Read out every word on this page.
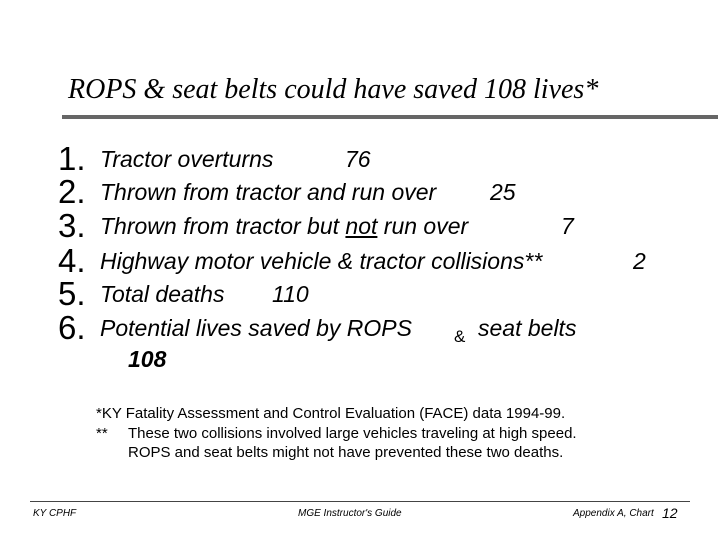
ROPS & seat belts could have saved 108 lives*
1.
2.
3.
4.
5.
6.
Tractor overturns	76
Thrown from tractor and run over 25
Thrown from tractor but not run over	7
Highway motor vehicle & tractor collisions**	2
Total deaths 110
Potential lives saved by ROPS & seat belts
108
*KY Fatality Assessment and Control Evaluation (FACE) data 1994-99.
** These two collisions involved large vehicles traveling at high speed.
ROPS and seat belts might not have prevented these two deaths.
KY CPHF	MGE Instructor's Guide	Appendix A, Chart 12
